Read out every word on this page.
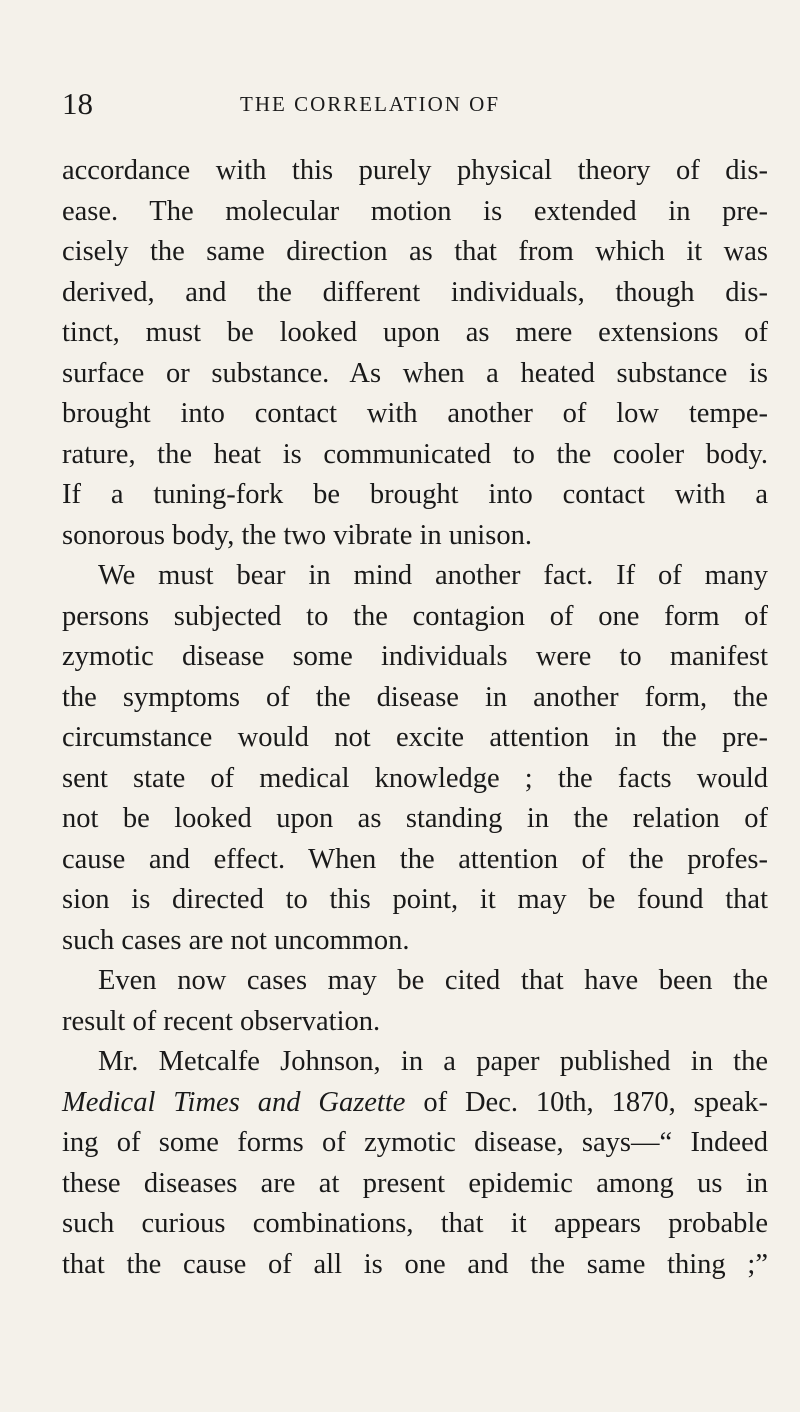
18	THE CORRELATION OF
accordance with this purely physical theory of dis-
ease. The molecular motion is extended in pre-
cisely the same direction as that from which it was
derived, and the different individuals, though dis-
tinct, must be looked upon as mere extensions of
surface or substance. As when a heated substance is
brought into contact with another of low tempe-
rature, the heat is communicated to the cooler body.
If a tuning-fork be brought into contact with a
sonorous body, the two vibrate in unison.
We must bear in mind another fact. If of many
persons subjected to the contagion of one form of
zymotic disease some individuals were to manifest
the symptoms of the disease in another form, the
circumstance would not excite attention in the pre-
sent state of medical knowledge ; the facts would
not be looked upon as standing in the relation of
cause and effect. When the attention of the profes-
sion is directed to this point, it may be found that
such cases are not uncommon.
Even now cases may be cited that have been the
result of recent observation.
Mr. Metcalfe Johnson, in a paper published in the
Medical Times and Gazette of Dec. 10th, 1870, speak-
ing of some forms of zymotic disease, says—“ Indeed
these diseases are at present epidemic among us in
such curious combinations, that it appears probable
that the cause of all is one and the same thing ;”
